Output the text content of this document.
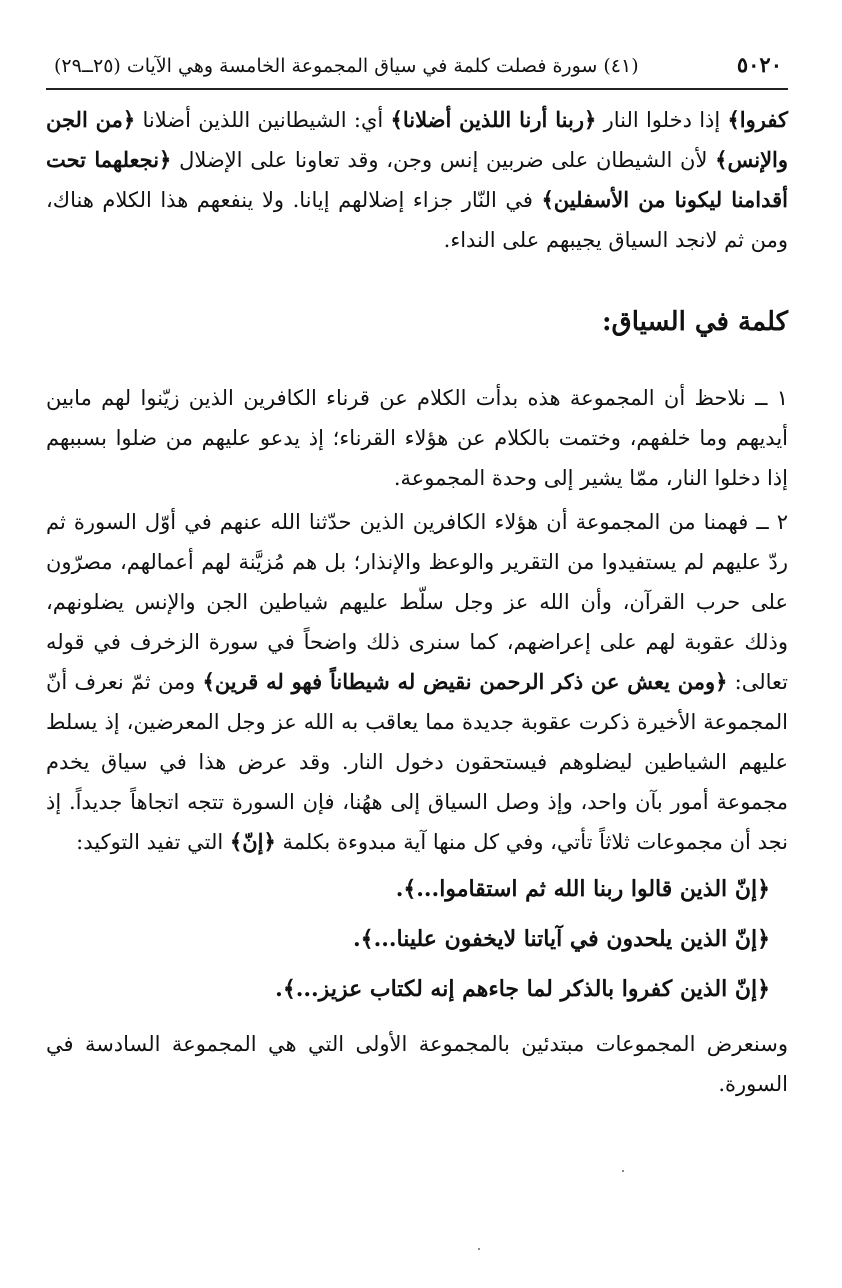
٥٠٢٠
(٤١) سورة فصلت كلمة في سياق المجموعة الخامسة وهي الآيات (٢٥ــ٢٩)

كفروا﴾ إذا دخلوا النار ﴿ربنا أرنا اللذين أضلانا﴾ أي: الشيطانين اللذين أضلانا ﴿من الجن والإنس﴾ لأن الشيطان على ضربين إنس وجن، وقد تعاونا على الإضلال ﴿نجعلهما تحت أقدامنا ليكونا من الأسفلين﴾ في النّار جزاء إضلالهم إيانا. ولا ينفعهم هذا الكلام هناك، ومن ثم لانجد السياق يجيبهم على النداء.

كلمة في السياق:

١ ــ نلاحظ أن المجموعة هذه بدأت الكلام عن قرناء الكافرين الذين زيّنوا لهم مابين أيديهم وما خلفهم، وختمت بالكلام عن هؤلاء القرناء؛ إذ يدعو عليهم من ضلوا بسببهم إذا دخلوا النار، ممّا يشير إلى وحدة المجموعة.

٢ ــ فهمنا من المجموعة أن هؤلاء الكافرين الذين حدّثنا الله عنهم في أوّل السورة ثم ردّ عليهم لم يستفيدوا من التقرير والوعظ والإنذار؛ بل هم مُزيَّنة لهم أعمالهم، مصرّون على حرب القرآن، وأن الله عز وجل سلّط عليهم شياطين الجن والإنس يضلونهم، وذلك عقوبة لهم على إعراضهم، كما سنرى ذلك واضحاً في سورة الزخرف في قوله تعالى: ﴿ومن يعش عن ذكر الرحمن نقيض له شيطاناً فهو له قرين﴾ ومن ثمّ نعرف أنّ المجموعة الأخيرة ذكرت عقوبة جديدة مما يعاقب به الله عز وجل المعرضين، إذ يسلط عليهم الشياطين ليضلوهم فيستحقون دخول النار. وقد عرض هذا في سياق يخدم مجموعة أمور بآن واحد، وإذ وصل السياق إلى ههُنا، فإن السورة تتجه اتجاهاً جديداً. إذ نجد أن مجموعات ثلاثاً تأتي، وفي كل منها آية مبدوءة بكلمة ﴿إنّ﴾ التي تفيد التوكيد:

﴿إنّ الذين قالوا ربنا الله ثم استقاموا...﴾.
﴿إنّ الذين يلحدون في آياتنا لايخفون علينا...﴾.
﴿إنّ الذين كفروا بالذكر لما جاءهم إنه لكتاب عزيز...﴾.

وسنعرض المجموعات مبتدئين بالمجموعة الأولى التي هي المجموعة السادسة في السورة.
